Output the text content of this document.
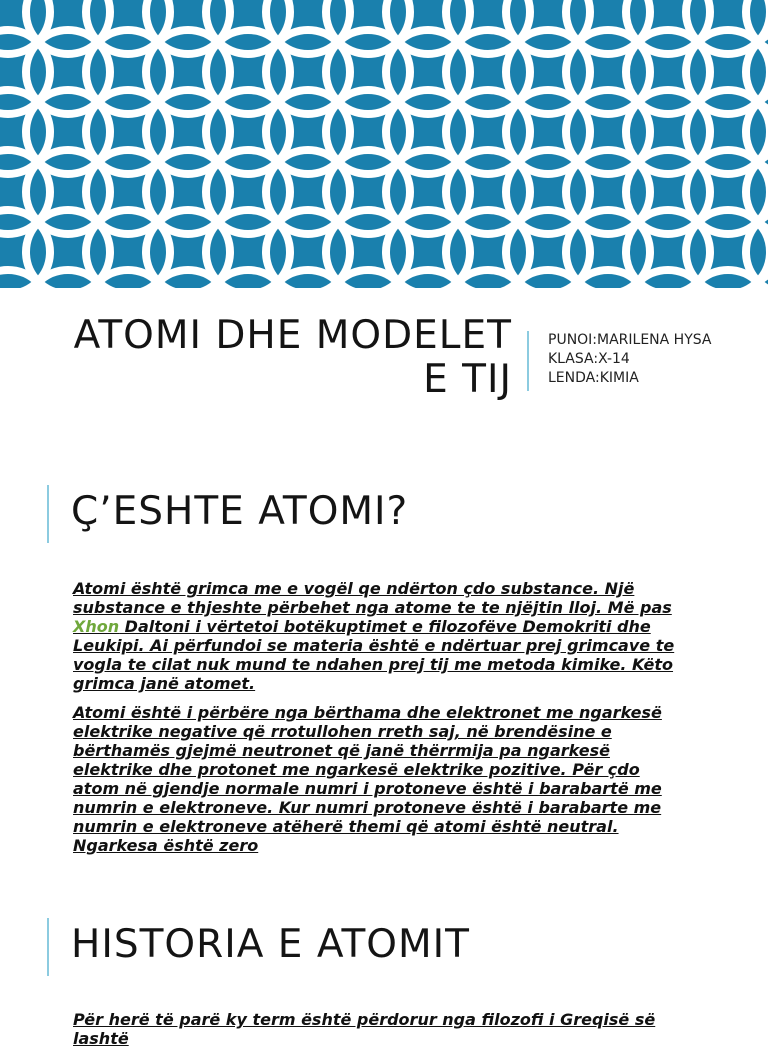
ATOMI DHE MODELET
E TIJ
PUNOI:MARILENA HYSA
KLASA:X-14
LENDA:KIMIA
Ç’ESHTE ATOMI?

Atomi është grimca me e vogël qe ndërton çdo substance. Një substance e thjeshte përbehet nga atome te te njëjtin lloj. Më pas Xhon Daltoni i vërtetoi botëkuptimet e filozofëve Demokriti dhe Leukipi. Ai përfundoi se materia është e ndërtuar prej grimcave te vogla te cilat nuk mund te ndahen prej tij me metoda kimike. Këto grimca janë atomet.

Atomi është i përbëre nga bërthama dhe elektronet me ngarkesë elektrike negative që rrotullohen rreth saj, në brendësine e bërthamës gjejmë neutronet që janë thërrmija pa ngarkesë elektrike dhe protonet me ngarkesë elektrike pozitive. Për çdo atom në gjendje normale numri i protoneve është i barabartë me numrin e elektroneve. Kur numri protoneve është i barabarte me numrin e elektroneve atëherë themi që atomi është neutral. Ngarkesa është zero

HISTORIA E ATOMIT

Për herë të parë ky term është përdorur nga filozofi i Greqisë së lashtë
